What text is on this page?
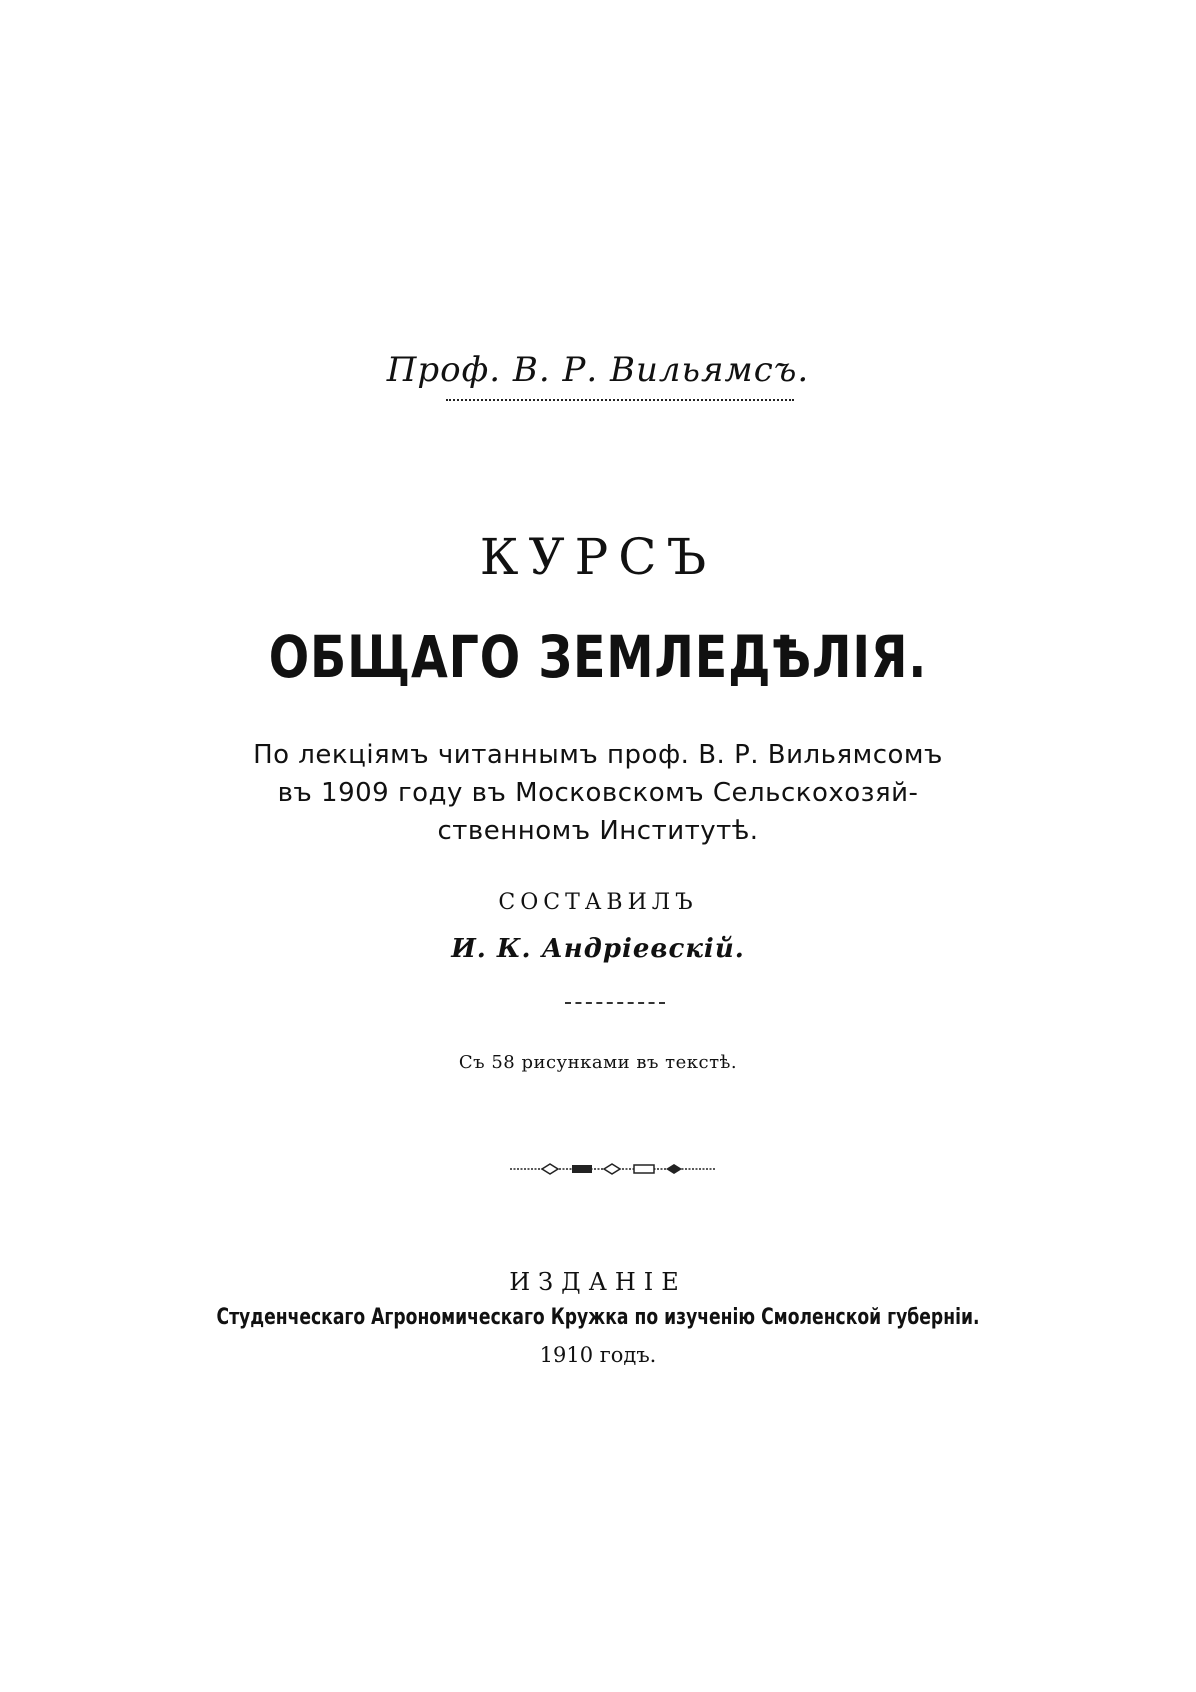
Проф. В. Р. Вильямсъ.
КУРСЪ
ОБЩАГО ЗЕМЛЕДѢЛІЯ.
По лекціямъ читаннымъ проф. В. Р. Вильямсомъ
въ 1909 году въ Московскомъ Сельскохозяй-
ственномъ Институтѣ.
СОСТАВИЛЪ
И. К. Андріевскій.
Съ 58 рисунками въ текстѣ.
ИЗДАНІЕ
Студенческаго Агрономическаго Кружка по изученію Смоленской губерніи.
1910 годъ.
